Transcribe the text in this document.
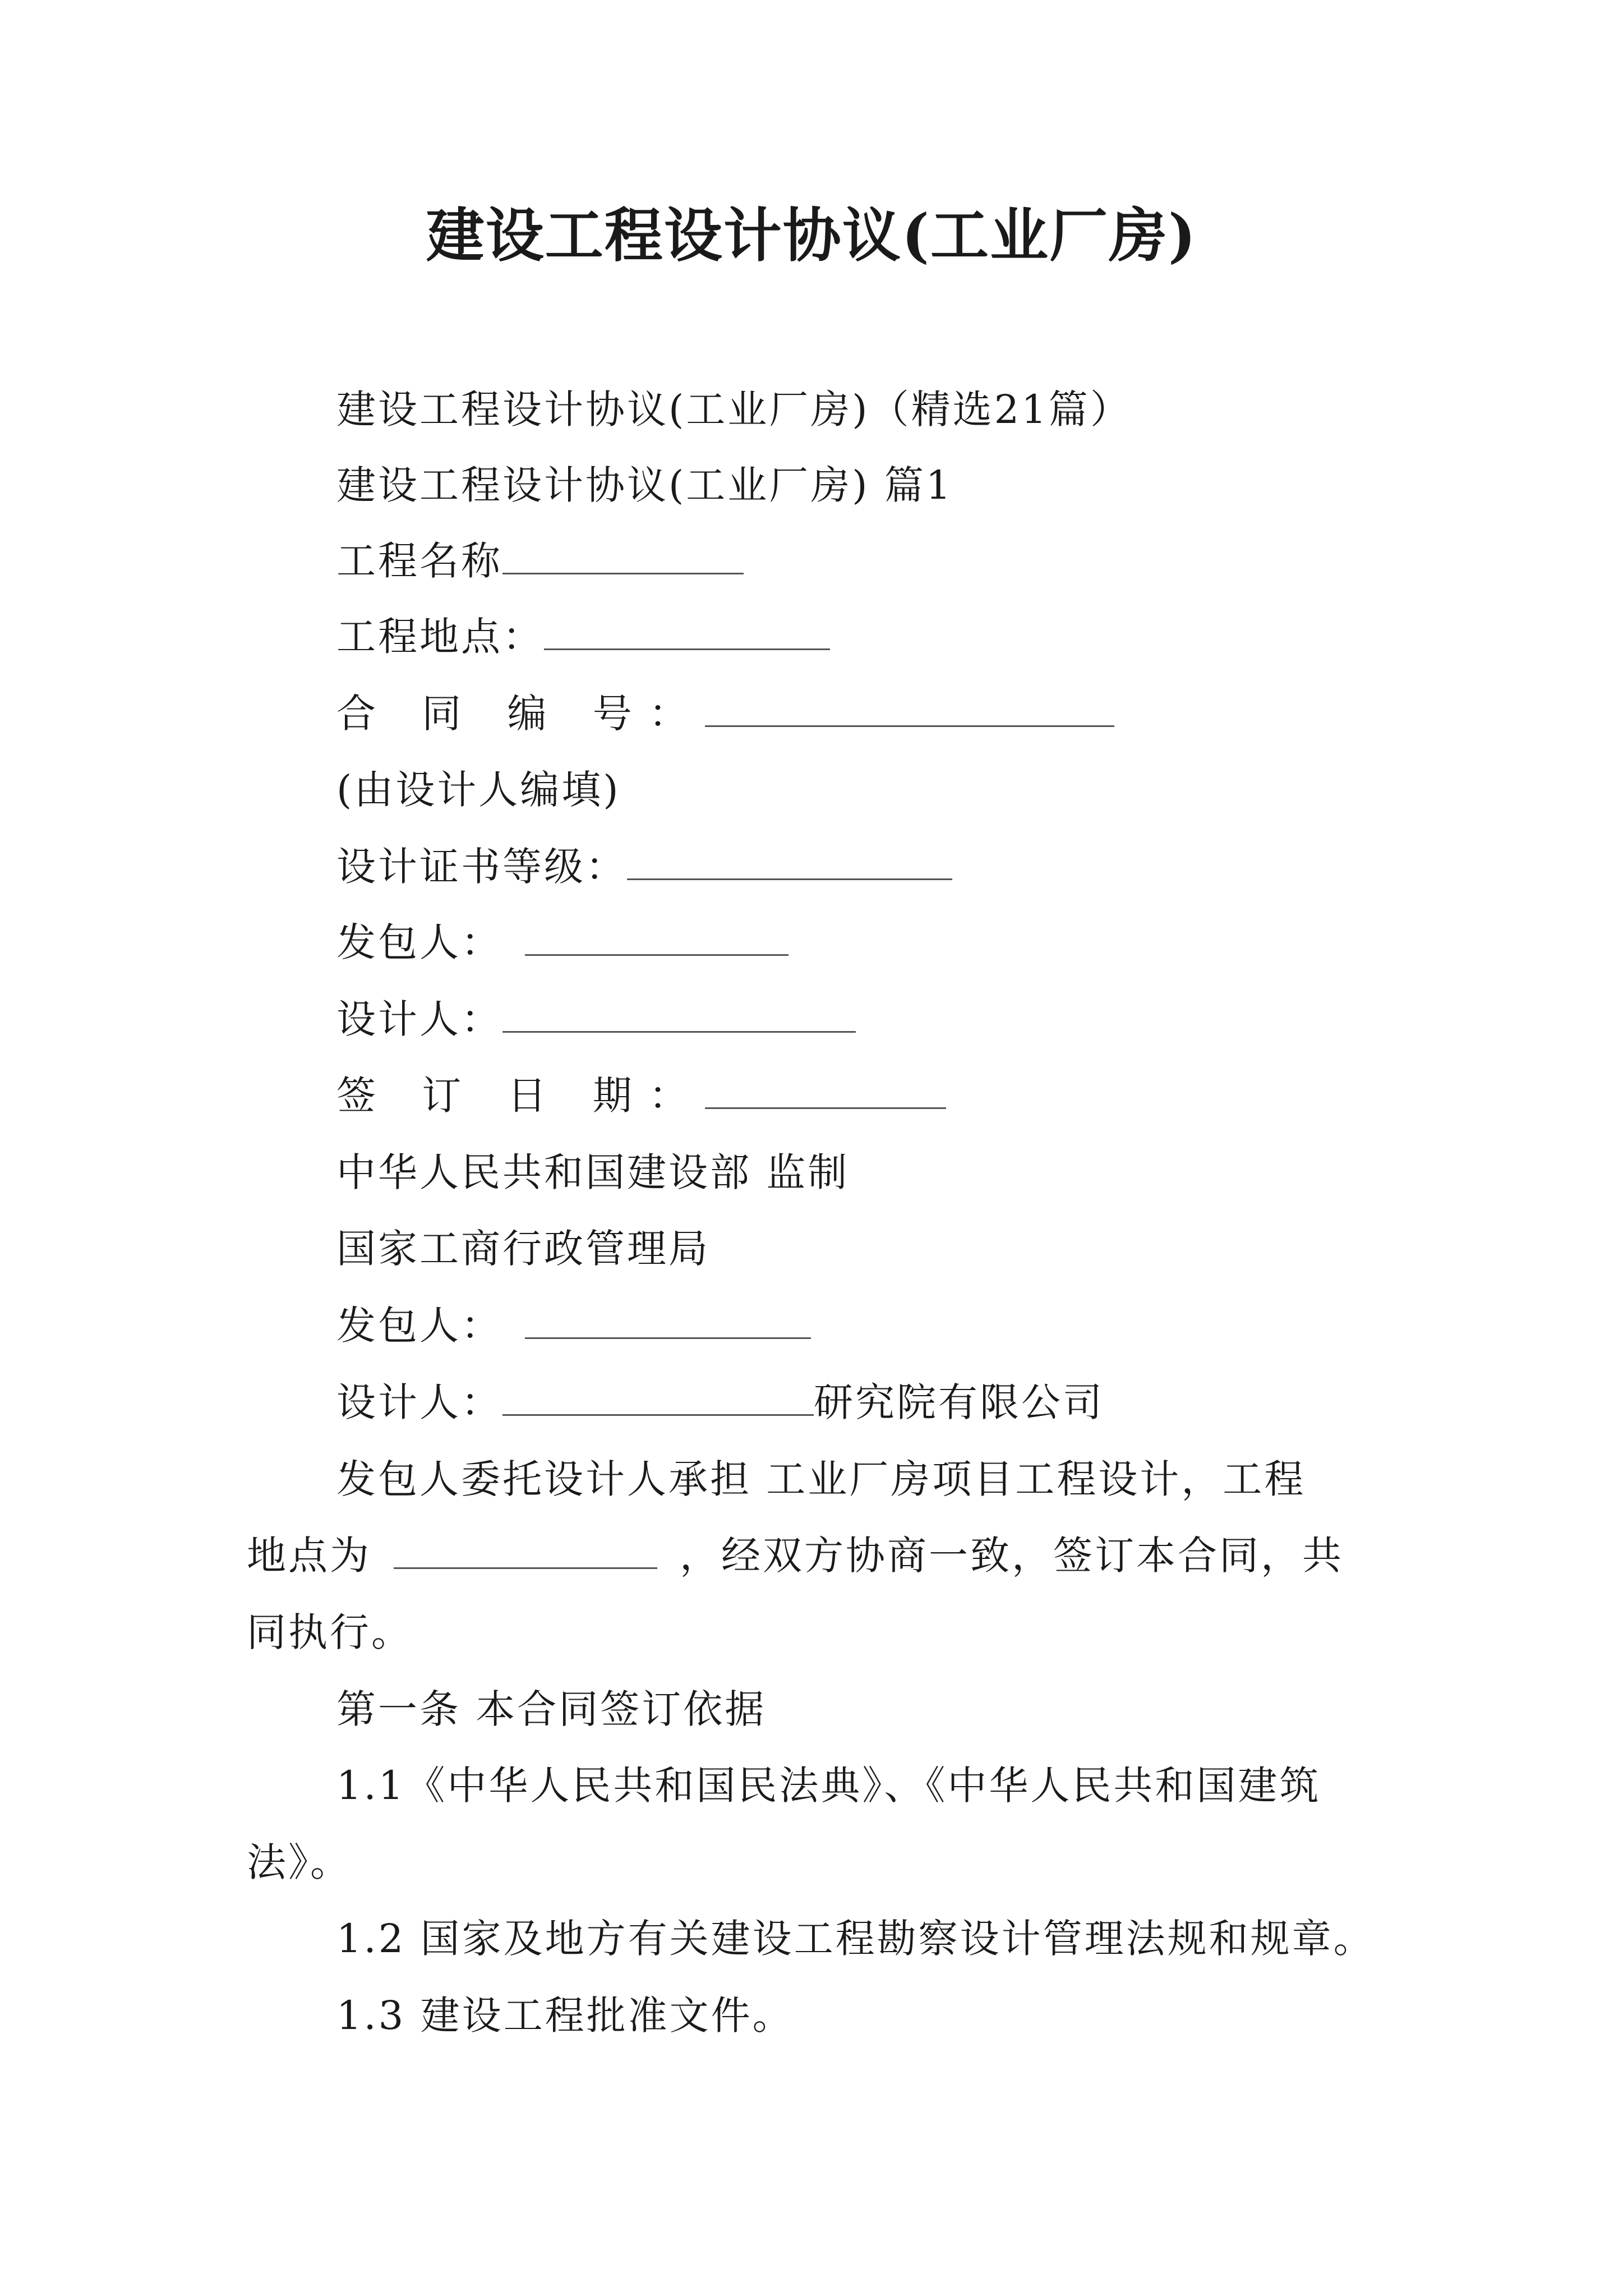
建设工程设计协议(工业厂房)
建设工程设计协议(工业厂房)（精选21篇）
建设工程设计协议(工业厂房) 篇1
工程名称
工程地点：
合 同 编 号：
(由设计人编填)
设计证书等级：
发包人：
设计人：
签 订 日 期：
中华人民共和国建设部 监制
国家工商行政管理局
发包人：
设计人：	研究院有限公司
发包人委托设计人承担 工业厂房项目工程设计，工程
地点为	，经双方协商一致，签订本合同，共
同执行。
第一条 本合同签订依据
1.1《中华人民共和国民法典》、《中华人民共和国建筑
法》。
1.2 国家及地方有关建设工程勘察设计管理法规和规章。
1.3 建设工程批准文件。
